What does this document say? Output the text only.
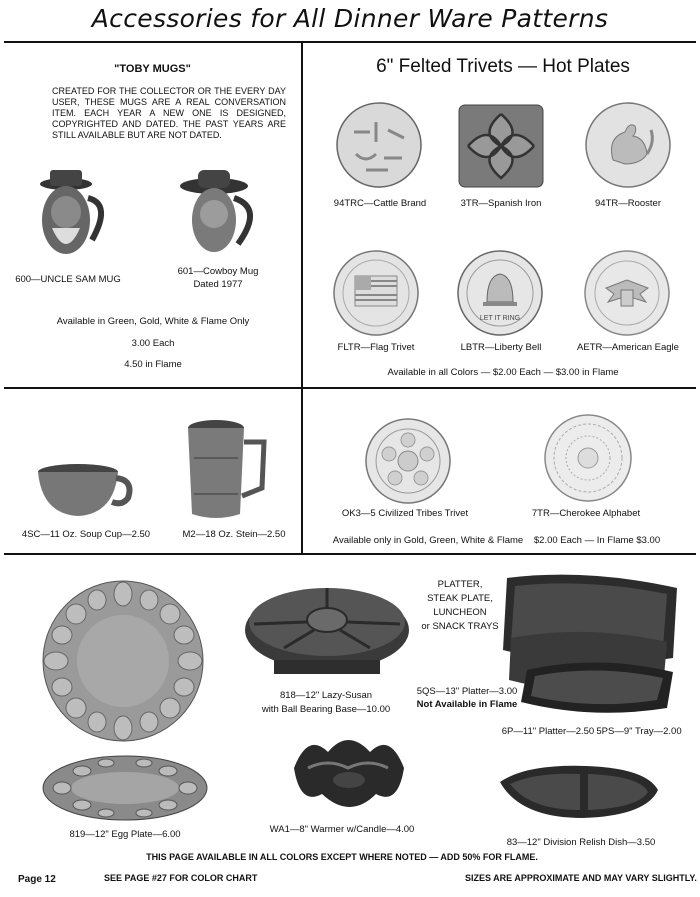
Accessories for All Dinner Ware Patterns
"TOBY MUGS"
CREATED FOR THE COLLECTOR OR THE EVERY DAY USER, THESE MUGS ARE A REAL CONVERSATION ITEM. EACH YEAR A NEW ONE IS DESIGNED, COPYRIGHTED AND DATED. THE PAST YEARS ARE STILL AVAILABLE BUT ARE NOT DATED.
600—UNCLE SAM MUG
601—Cowboy Mug
Dated 1977
Available in Green, Gold, White & Flame Only
3.00 Each
4.50 in Flame
6" Felted Trivets — Hot Plates
94TRC—Cattle Brand	3TR—Spanish Iron	94TR—Rooster
LET IT RING
FLTR—Flag Trivet	LBTR—Liberty Bell	AETR—American Eagle
Available in all Colors — $2.00 Each — $3.00 in Flame
4SC—11 Oz. Soup Cup—2.50	M2—18 Oz. Stein—2.50
OK3—5 Civilized Tribes Trivet	7TR—Cherokee Alphabet
Available only in Gold, Green, White & Flame $2.00 Each — In Flame $3.00
819—12" Egg Plate—6.00
818—12" Lazy-Susan
with Ball Bearing Base—10.00
WA1—8" Warmer w/Candle—4.00
PLATTER,
STEAK PLATE,
LUNCHEON
or SNACK TRAYS
5QS—13" Platter—3.00
Not Available in Flame
6P—11" Platter—2.50 5PS—9" Tray—2.00
83—12" Division Relish Dish—3.50
THIS PAGE AVAILABLE IN ALL COLORS EXCEPT WHERE NOTED — ADD 50% FOR FLAME.
Page 12	SEE PAGE #27 FOR COLOR CHART	SIZES ARE APPROXIMATE AND MAY VARY SLIGHTLY.
